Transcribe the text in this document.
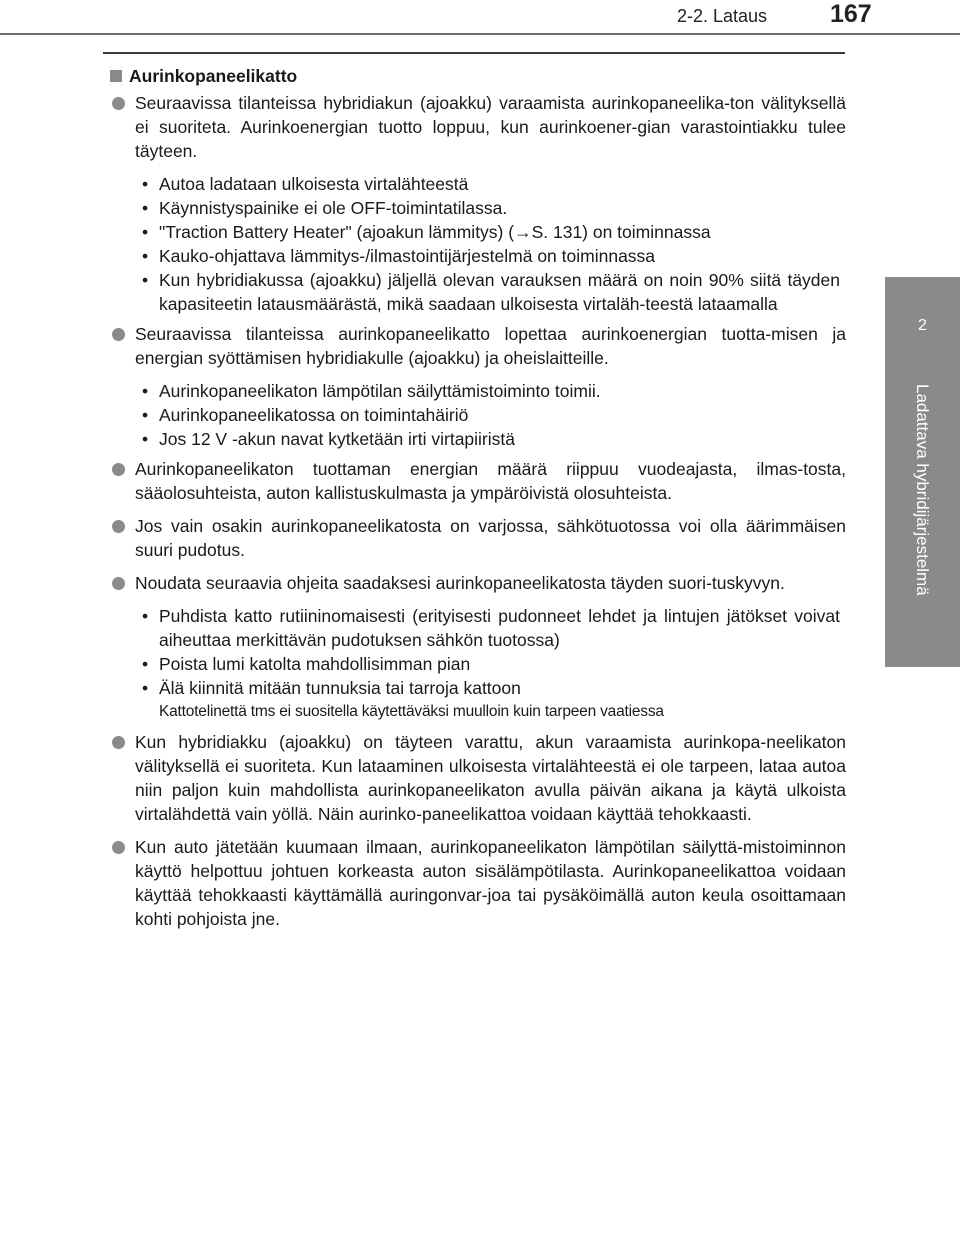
2-2. Lataus	167
2
Ladattava hybridijärjestelmä
Aurinkopaneelikatto
Seuraavissa tilanteissa hybridiakun (ajoakku) varaamista aurinkopaneelika-ton välityksellä ei suoriteta. Aurinkoenergian tuotto loppuu, kun aurinkoener-gian varastointiakku tulee täyteen.
• Autoa ladataan ulkoisesta virtalähteestä
• Käynnistyspainike ei ole OFF-toimintatilassa.
• "Traction Battery Heater" (ajoakun lämmitys) (→S. 131) on toiminnassa
• Kauko-ohjattava lämmitys-/ilmastointijärjestelmä on toiminnassa
• Kun hybridiakussa (ajoakku) jäljellä olevan varauksen määrä on noin 90% siitä täyden kapasiteetin latausmäärästä, mikä saadaan ulkoisesta virtaläh-teestä lataamalla
Seuraavissa tilanteissa aurinkopaneelikatto lopettaa aurinkoenergian tuotta-misen ja energian syöttämisen hybridiakulle (ajoakku) ja oheislaitteille.
• Aurinkopaneelikaton lämpötilan säilyttämistoiminto toimii.
• Aurinkopaneelikatossa on toimintahäiriö
• Jos 12 V -akun navat kytketään irti virtapiiristä
Aurinkopaneelikaton tuottaman energian määrä riippuu vuodeajasta, ilmas-tosta, sääolosuhteista, auton kallistuskulmasta ja ympäröivistä olosuhteista.
Jos vain osakin aurinkopaneelikatosta on varjossa, sähkötuotossa voi olla äärimmäisen suuri pudotus.
Noudata seuraavia ohjeita saadaksesi aurinkopaneelikatosta täyden suori-tuskyvyn.
• Puhdista katto rutiininomaisesti (erityisesti pudonneet lehdet ja lintujen jätökset voivat aiheuttaa merkittävän pudotuksen sähkön tuotossa)
• Poista lumi katolta mahdollisimman pian
• Älä kiinnitä mitään tunnuksia tai tarroja kattoon
Kattotelinettä tms ei suositella käytettäväksi muulloin kuin tarpeen vaatiessa
Kun hybridiakku (ajoakku) on täyteen varattu, akun varaamista aurinkopa-neelikaton välityksellä ei suoriteta. Kun lataaminen ulkoisesta virtalähteestä ei ole tarpeen, lataa autoa niin paljon kuin mahdollista aurinkopaneelikaton avulla päivän aikana ja käytä ulkoista virtalähdettä vain yöllä. Näin aurinko-paneelikattoa voidaan käyttää tehokkaasti.
Kun auto jätetään kuumaan ilmaan, aurinkopaneelikaton lämpötilan säilyttä-mistoiminnon käyttö helpottuu johtuen korkeasta auton sisälämpötilasta. Aurinkopaneelikattoa voidaan käyttää tehokkaasti käyttämällä auringonvar-joa tai pysäköimällä auton keula osoittamaan kohti pohjoista jne.
